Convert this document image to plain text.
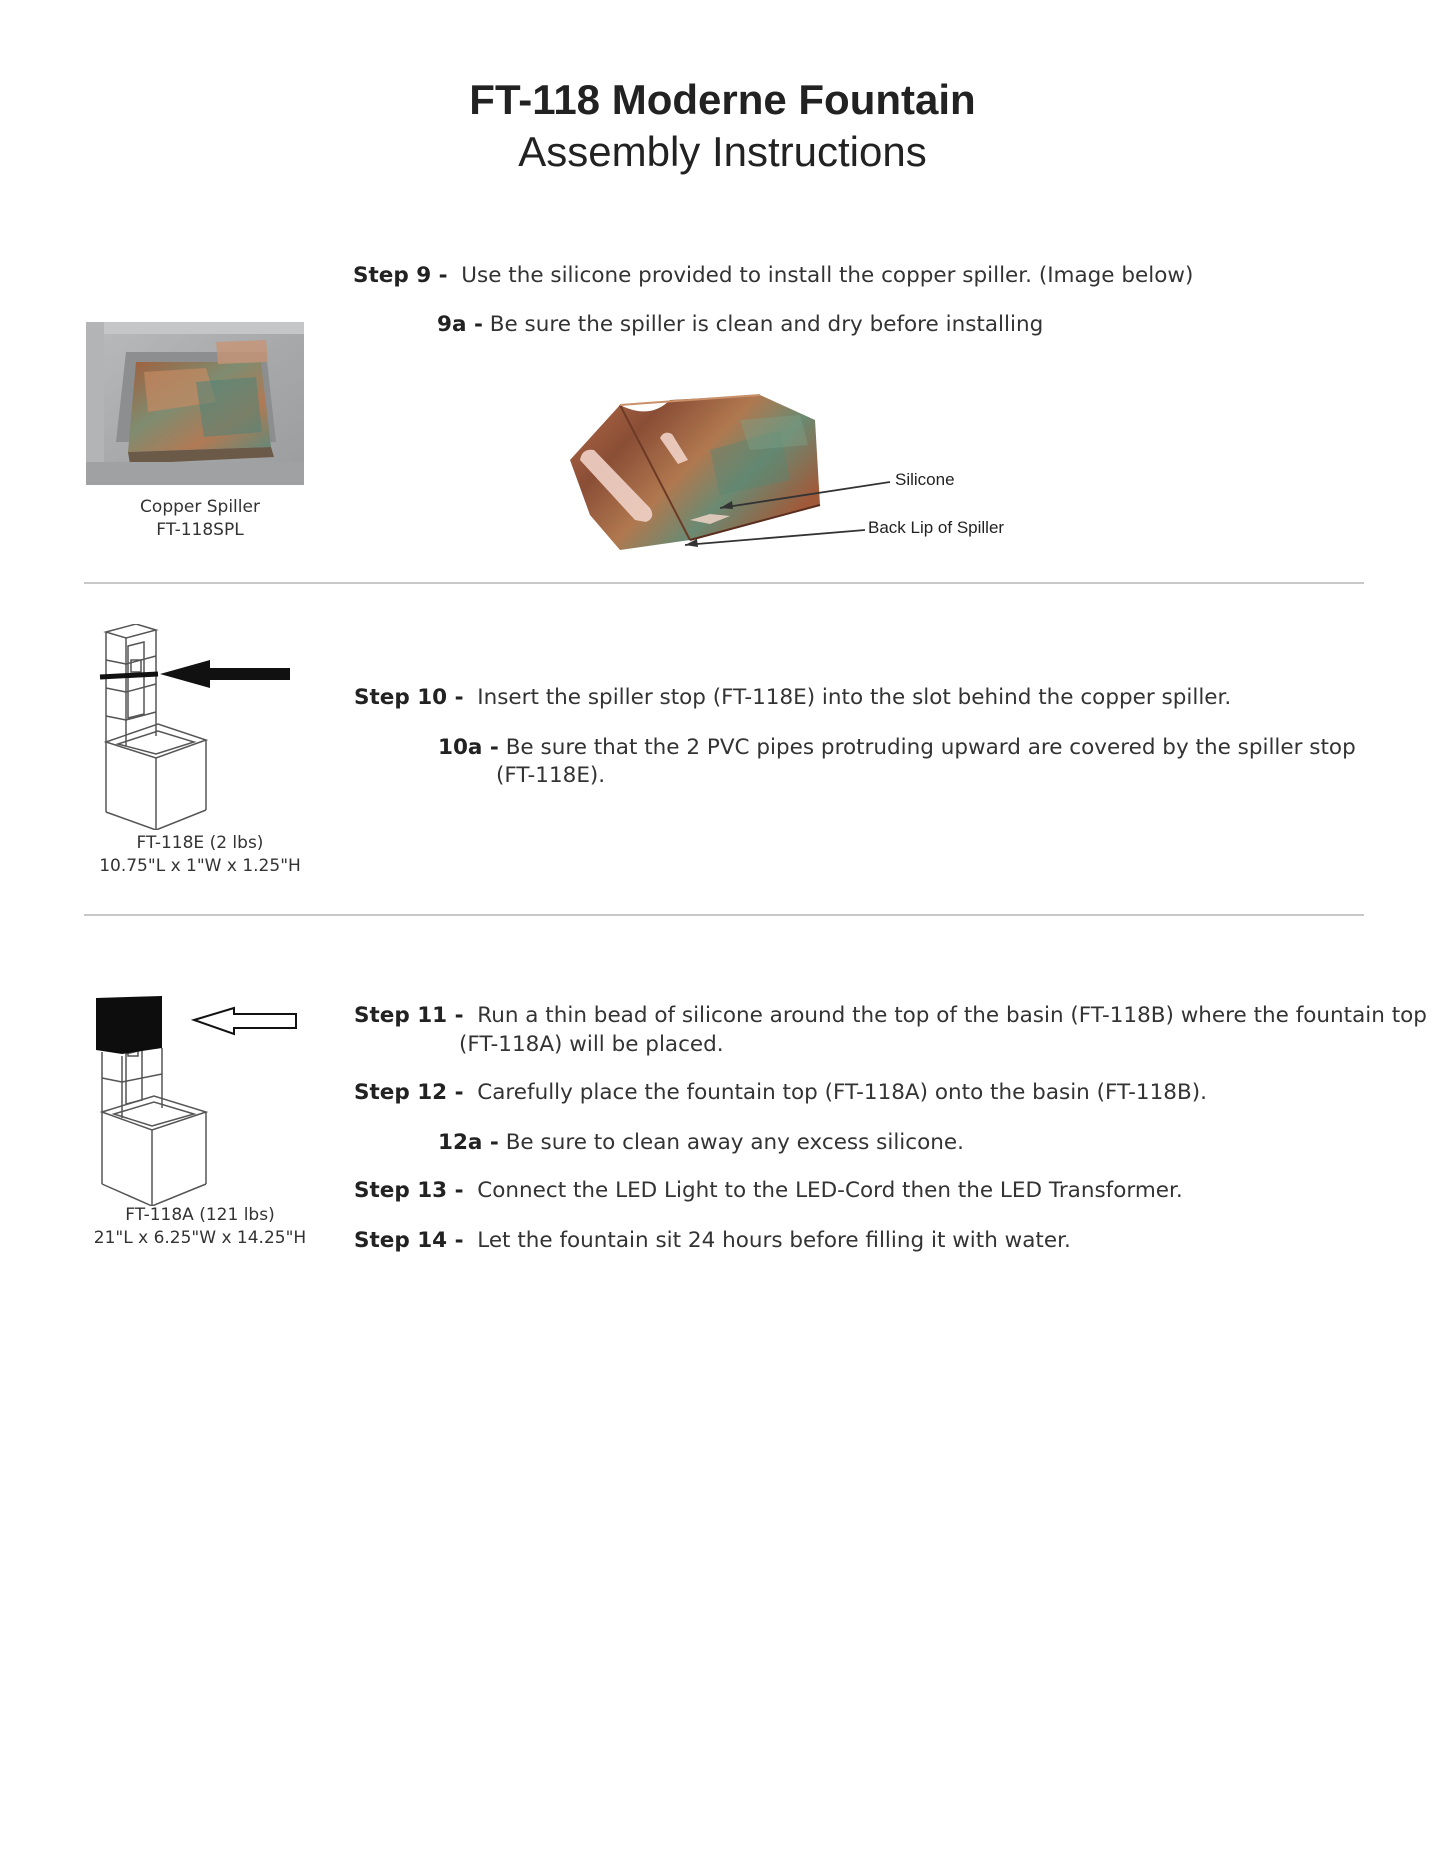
FT-118 Moderne Fountain
Assembly Instructions
Step 9 - Use the silicone provided to install the copper spiller. (Image below)
9a - Be sure the spiller is clean and dry before installing
Copper Spiller
FT-118SPL
Silicone
Back Lip of Spiller
Step 10 - Insert the spiller stop (FT-118E) into the slot behind the copper spiller.
10a - Be sure that the 2 PVC pipes protruding upward are covered by the spiller stop
(FT-118E).
FT-118E (2 lbs)
10.75"L x 1"W x 1.25"H
Step 11 - Run a thin bead of silicone around the top of the basin (FT-118B) where the fountain top
(FT-118A) will be placed.
Step 12 - Carefully place the fountain top (FT-118A) onto the basin (FT-118B).
12a - Be sure to clean away any excess silicone.
Step 13 - Connect the LED Light to the LED-Cord then the LED Transformer.
Step 14 - Let the fountain sit 24 hours before filling it with water.
FT-118A (121 lbs)
21"L x 6.25"W x 14.25"H
